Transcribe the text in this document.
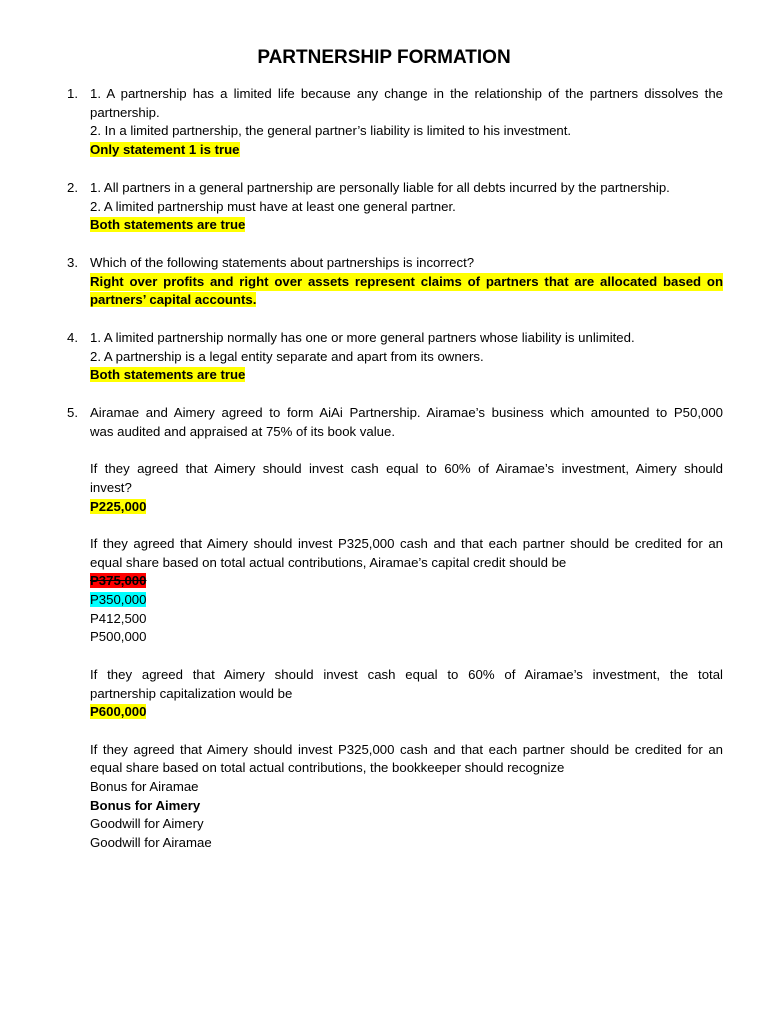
PARTNERSHIP FORMATION
1. 1. A partnership has a limited life because any change in the relationship of the partners dissolves the
partnership.
2. In a limited partnership, the general partner’s liability is limited to his investment.
Only statement 1 is true
2. 1. All partners in a general partnership are personally liable for all debts incurred by the partnership.
2. A limited partnership must have at least one general partner.
Both statements are true
3. Which of the following statements about partnerships is incorrect?
Right over profits and right over assets represent claims of partners that are allocated based on
partners’ capital accounts.
4. 1. A limited partnership normally has one or more general partners whose liability is unlimited.
2. A partnership is a legal entity separate and apart from its owners.
Both statements are true
5. Airamae and Aimery agreed to form AiAi Partnership. Airamae’s business which amounted to P50,000
was audited and appraised at 75% of its book value.
If they agreed that Aimery should invest cash equal to 60% of Airamae’s investment, Aimery should
invest?
P225,000
If they agreed that Aimery should invest P325,000 cash and that each partner should be credited for an
equal share based on total actual contributions, Airamae’s capital credit should be
P375,000
P350,000
P412,500
P500,000
If they agreed that Aimery should invest cash equal to 60% of Airamae’s investment, the total
partnership capitalization would be
P600,000
If they agreed that Aimery should invest P325,000 cash and that each partner should be credited for an
equal share based on total actual contributions, the bookkeeper should recognize
Bonus for Airamae
Bonus for Aimery
Goodwill for Aimery
Goodwill for Airamae
